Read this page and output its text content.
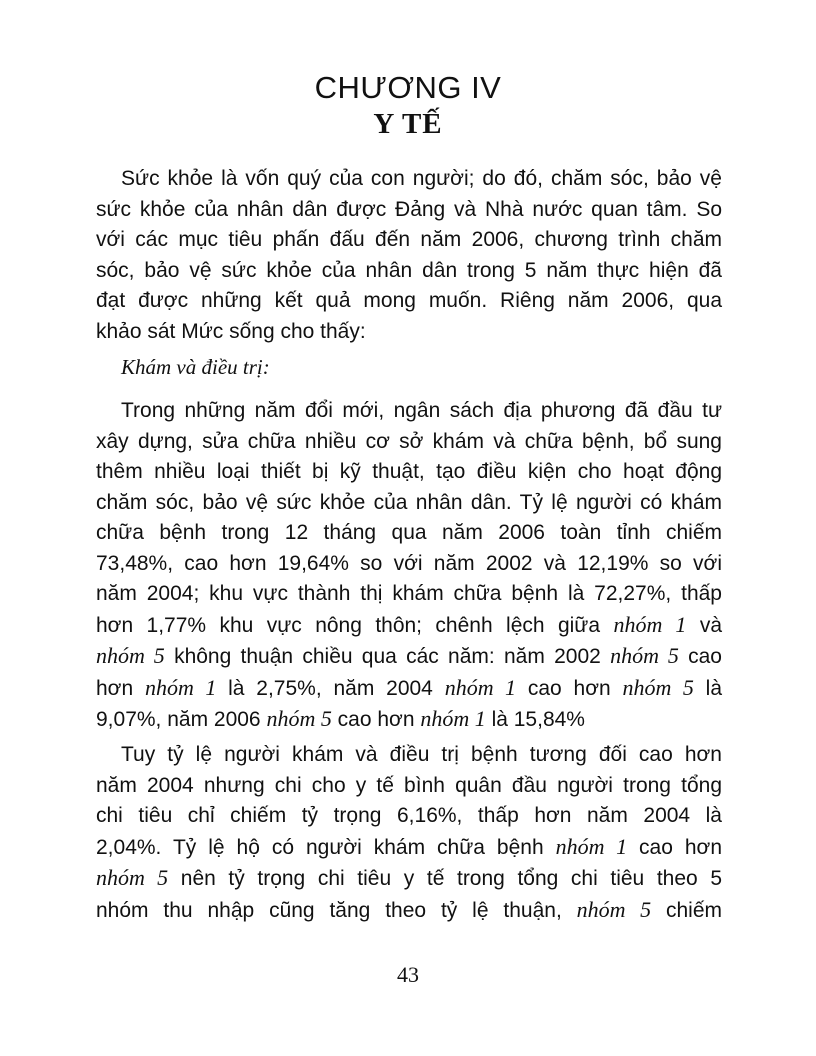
CHƯƠNG IV
Y TẾ
Sức khỏe là vốn quý của con người; do đó, chăm sóc, bảo vệ
sức khỏe của nhân dân được Đảng và Nhà nước quan tâm. So
với các mục tiêu phấn đấu đến năm 2006, chương trình chăm
sóc, bảo vệ sức khỏe của nhân dân trong 5 năm thực hiện đã
đạt được những kết quả mong muốn. Riêng năm 2006, qua
khảo sát Mức sống cho thấy:

Khám và điều trị:

Trong những năm đổi mới, ngân sách địa phương đã đầu tư
xây dựng, sửa chữa nhiều cơ sở khám và chữa bệnh, bổ sung
thêm nhiều loại thiết bị kỹ thuật, tạo điều kiện cho hoạt động
chăm sóc, bảo vệ sức khỏe của nhân dân. Tỷ lệ người có khám
chữa bệnh trong 12 tháng qua năm 2006 toàn tỉnh chiếm
73,48%, cao hơn 19,64% so với năm 2002 và 12,19% so với
năm 2004; khu vực thành thị khám chữa bệnh là 72,27%, thấp
hơn 1,77% khu vực nông thôn; chênh lệch giữa nhóm 1 và
nhóm 5 không thuận chiều qua các năm: năm 2002 nhóm 5 cao
hơn nhóm 1 là 2,75%, năm 2004 nhóm 1 cao hơn nhóm 5 là
9,07%, năm 2006 nhóm 5 cao hơn nhóm 1 là 15,84%
Tuy tỷ lệ người khám và điều trị bệnh tương đối cao hơn
năm 2004 nhưng chi cho y tế bình quân đầu người trong tổng
chi tiêu chỉ chiếm tỷ trọng 6,16%, thấp hơn năm 2004 là
2,04%. Tỷ lệ hộ có người khám chữa bệnh nhóm 1 cao hơn
nhóm 5 nên tỷ trọng chi tiêu y tế trong tổng chi tiêu theo 5
nhóm thu nhập cũng tăng theo tỷ lệ thuận, nhóm 5 chiếm

43
